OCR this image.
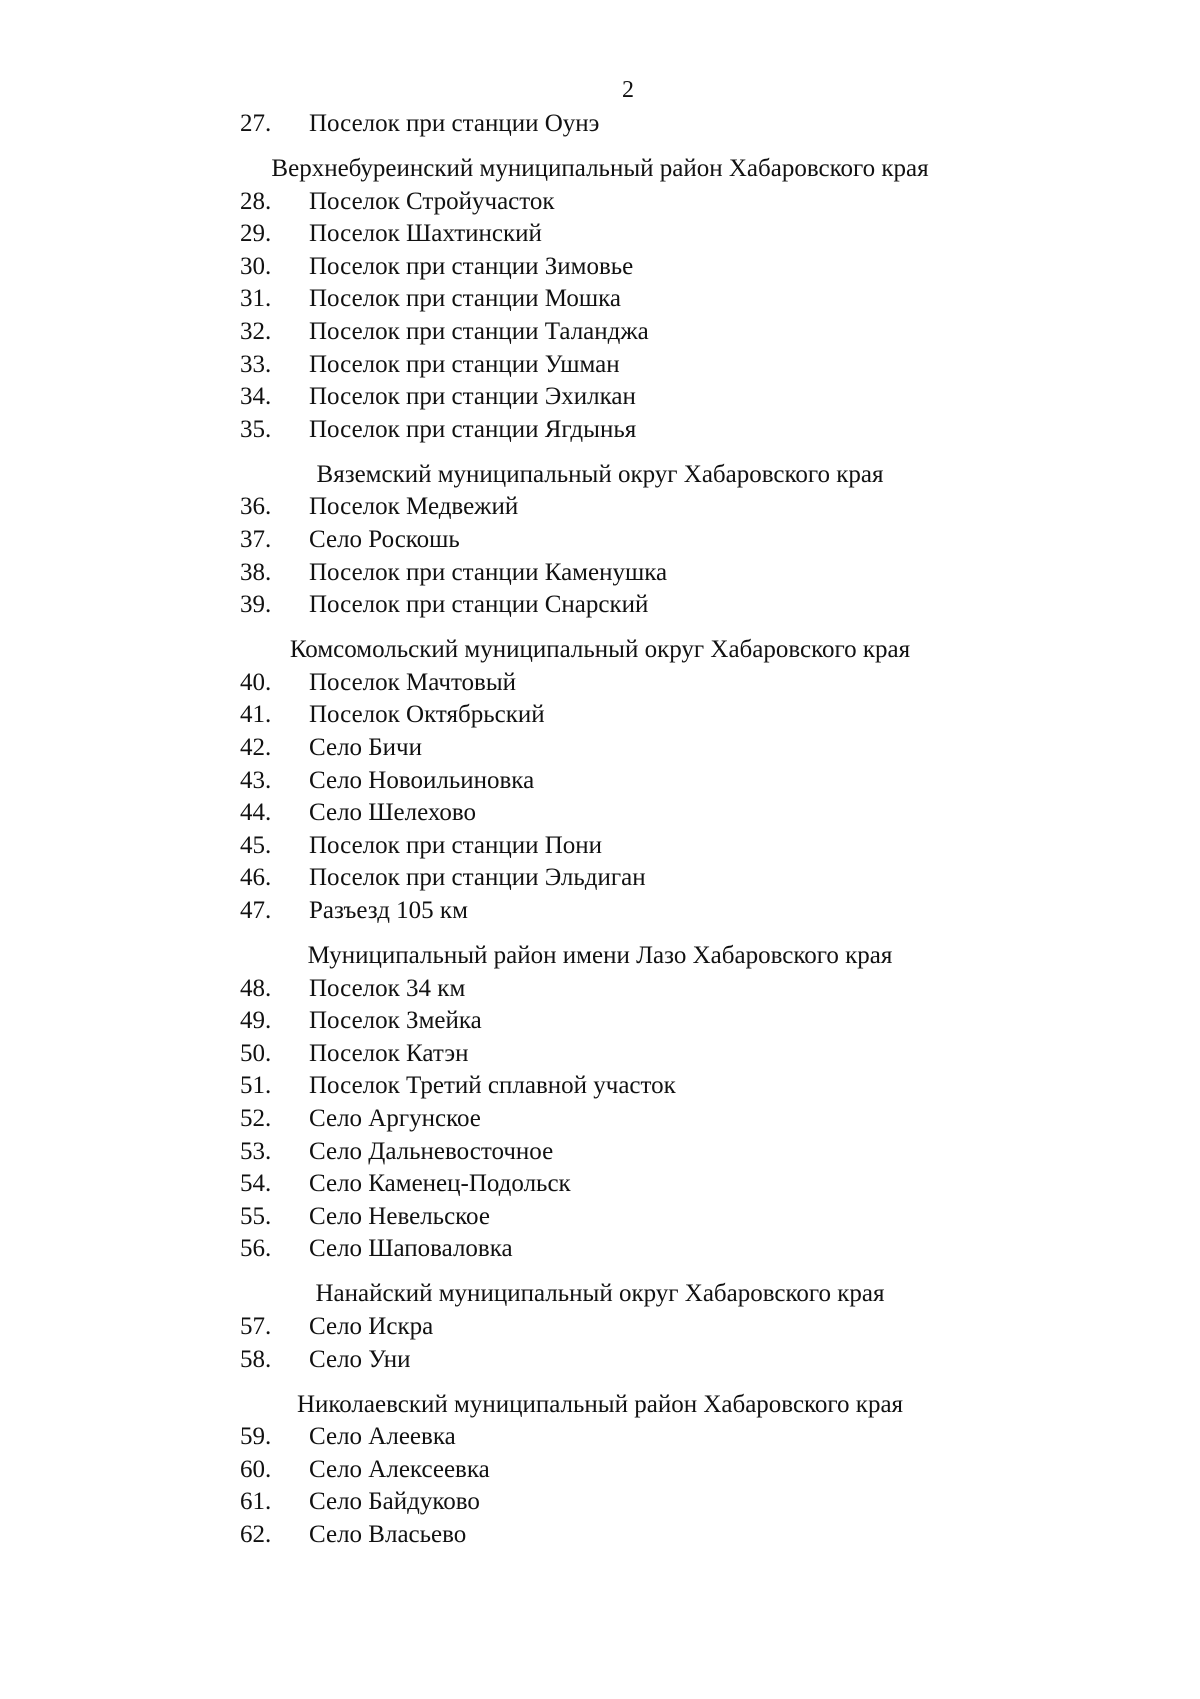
2
27. Поселок при станции Оунэ
Верхнебуреинский муниципальный район Хабаровского края
28. Поселок Стройучасток
29. Поселок Шахтинский
30. Поселок при станции Зимовье
31. Поселок при станции Мошка
32. Поселок при станции Таланджа
33. Поселок при станции Ушман
34. Поселок при станции Эхилкан
35. Поселок при станции Ягдынья
Вяземский муниципальный округ Хабаровского края
36. Поселок Медвежий
37. Село Роскошь
38. Поселок при станции Каменушка
39. Поселок при станции Снарский
Комсомольский муниципальный округ Хабаровского края
40. Поселок Мачтовый
41. Поселок Октябрьский
42. Село Бичи
43. Село Новоильиновка
44. Село Шелехово
45. Поселок при станции Пони
46. Поселок при станции Эльдиган
47. Разъезд 105 км
Муниципальный район имени Лазо Хабаровского края
48. Поселок 34 км
49. Поселок Змейка
50. Поселок Катэн
51. Поселок Третий сплавной участок
52. Село Аргунское
53. Село Дальневосточное
54. Село Каменец-Подольск
55. Село Невельское
56. Село Шаповаловка
Нанайский муниципальный округ Хабаровского края
57. Село Искра
58. Село Уни
Николаевский муниципальный район Хабаровского края
59. Село Алеевка
60. Село Алексеевка
61. Село Байдуково
62. Село Власьево
